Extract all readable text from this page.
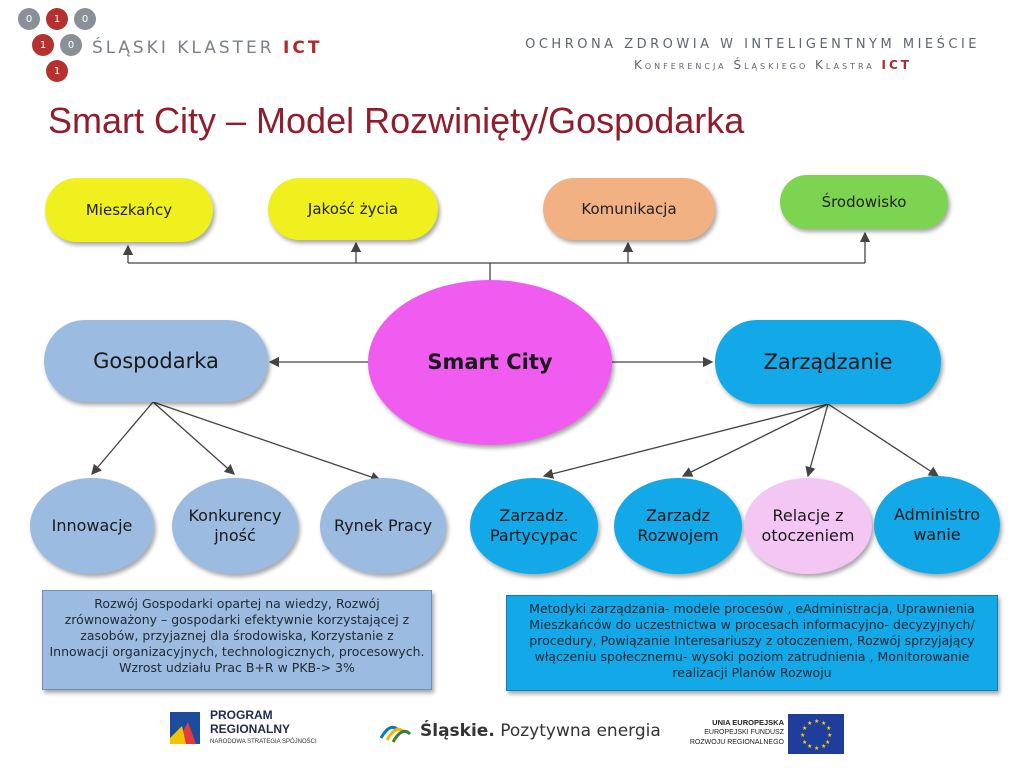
0	1	0
1	0
1
ŚLĄSKI KLASTER ICT	OCHRONA ZDROWIA W INTELIGENTNYM MIEŚCIE
Konferencja Śląskiego Klastra ICT
Smart City – Model Rozwinięty/Gospodarka
Mieszkańcy	Jakość życia	Komunikacja	Środowisko
Smart City
Gospodarka	Zarządzanie
Innowacje
Konkurency jność
Rynek Pracy
Zarzadz. Partycypac
Zarzadz Rozwojem
Relacje z otoczeniem
Administro wanie
Rozwój Gospodarki opartej na wiedzy, Rozwój zrównoważony – gospodarki efektywnie korzystającej z zasobów, przyjaznej dla środowiska, Korzystanie z Innowacji organizacyjnych, technologicznych, procesowych. Wzrost udziału Prac B+R w PKB-> 3%
Metodyki zarządzania- modele procesów , eAdministracja, Uprawnienia Mieszkańców do uczestnictwa w procesach informacyjno- decyzyjnych/ procedury, Powiązanie Interesariuszy z otoczeniem, Rozwój sprzyjający włączeniu społecznemu- wysoki poziom zatrudnienia , Monitorowanie realizacji Planów Rozwoju
PROGRAM
REGIONALNY
NARODOWA STRATEGIA SPÓJNOŚCI
Śląskie. Pozytywna energia	UNIA EUROPEJSKA
EUROPEJSKI FUNDUSZ
ROZWOJU REGIONALNEGO
★ ★
★
★
★
★
★
★
★
★
★
★
